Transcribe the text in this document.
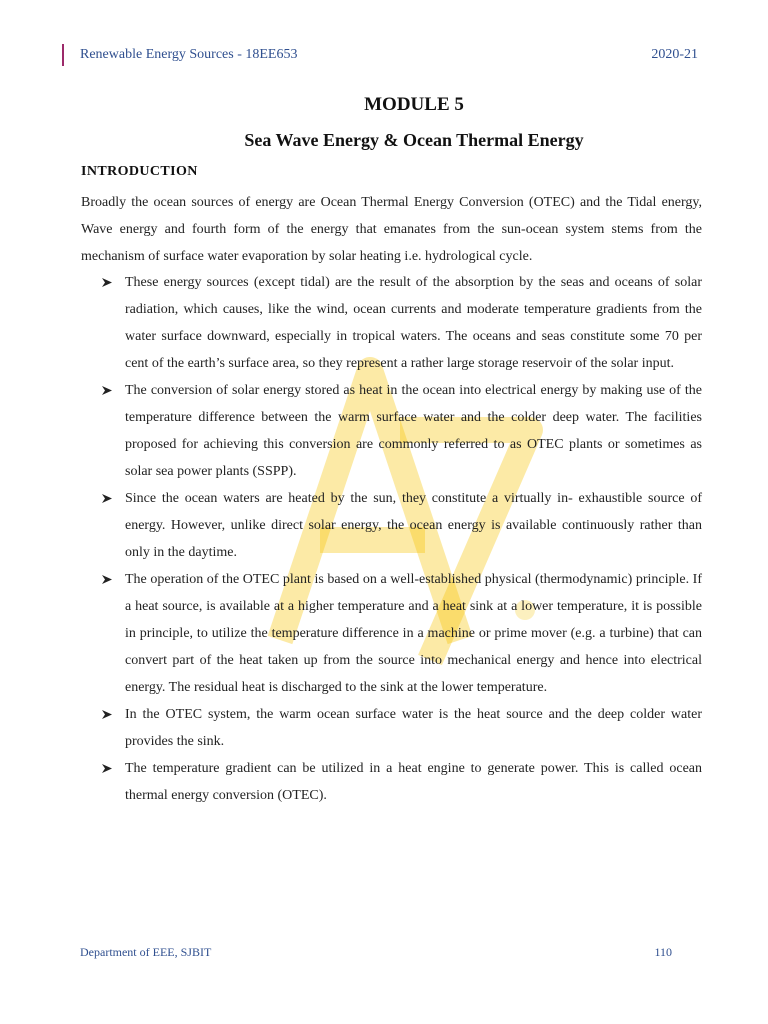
Renewable Energy Sources - 18EE653	2020-21
MODULE 5
Sea Wave Energy & Ocean Thermal Energy
INTRODUCTION
Broadly the ocean sources of energy are Ocean Thermal Energy Conversion (OTEC) and the Tidal energy, Wave energy and fourth form of the energy that emanates from the sun-ocean system stems from the mechanism of surface water evaporation by solar heating i.e. hydrological cycle.
These energy sources (except tidal) are the result of the absorption by the seas and oceans of solar radiation, which causes, like the wind, ocean currents and moderate temperature gradients from the water surface downward, especially in tropical waters. The oceans and seas constitute some 70 per cent of the earth’s surface area, so they represent a rather large storage reservoir of the solar input.
The conversion of solar energy stored as heat in the ocean into electrical energy by making use of the temperature difference between the warm surface water and the colder deep water. The facilities proposed for achieving this conversion are commonly referred to as OTEC plants or sometimes as solar sea power plants (SSPP).
Since the ocean waters are heated by the sun, they constitute a virtually in- exhaustible source of energy. However, unlike direct solar energy, the ocean energy is available continuously rather than only in the daytime.
The operation of the OTEC plant is based on a well-established physical (thermodynamic) principle. If a heat source, is available at a higher temperature and a heat sink at a lower temperature, it is possible in principle, to utilize the temperature difference in a machine or prime mover (e.g. a turbine) that can convert part of the heat taken up from the source into mechanical energy and hence into electrical energy. The residual heat is discharged to the sink at the lower temperature.
In the OTEC system, the warm ocean surface water is the heat source and the deep colder water provides the sink.
The temperature gradient can be utilized in a heat engine to generate power. This is called ocean thermal energy conversion (OTEC).
Department of EEE, SJBIT	110
